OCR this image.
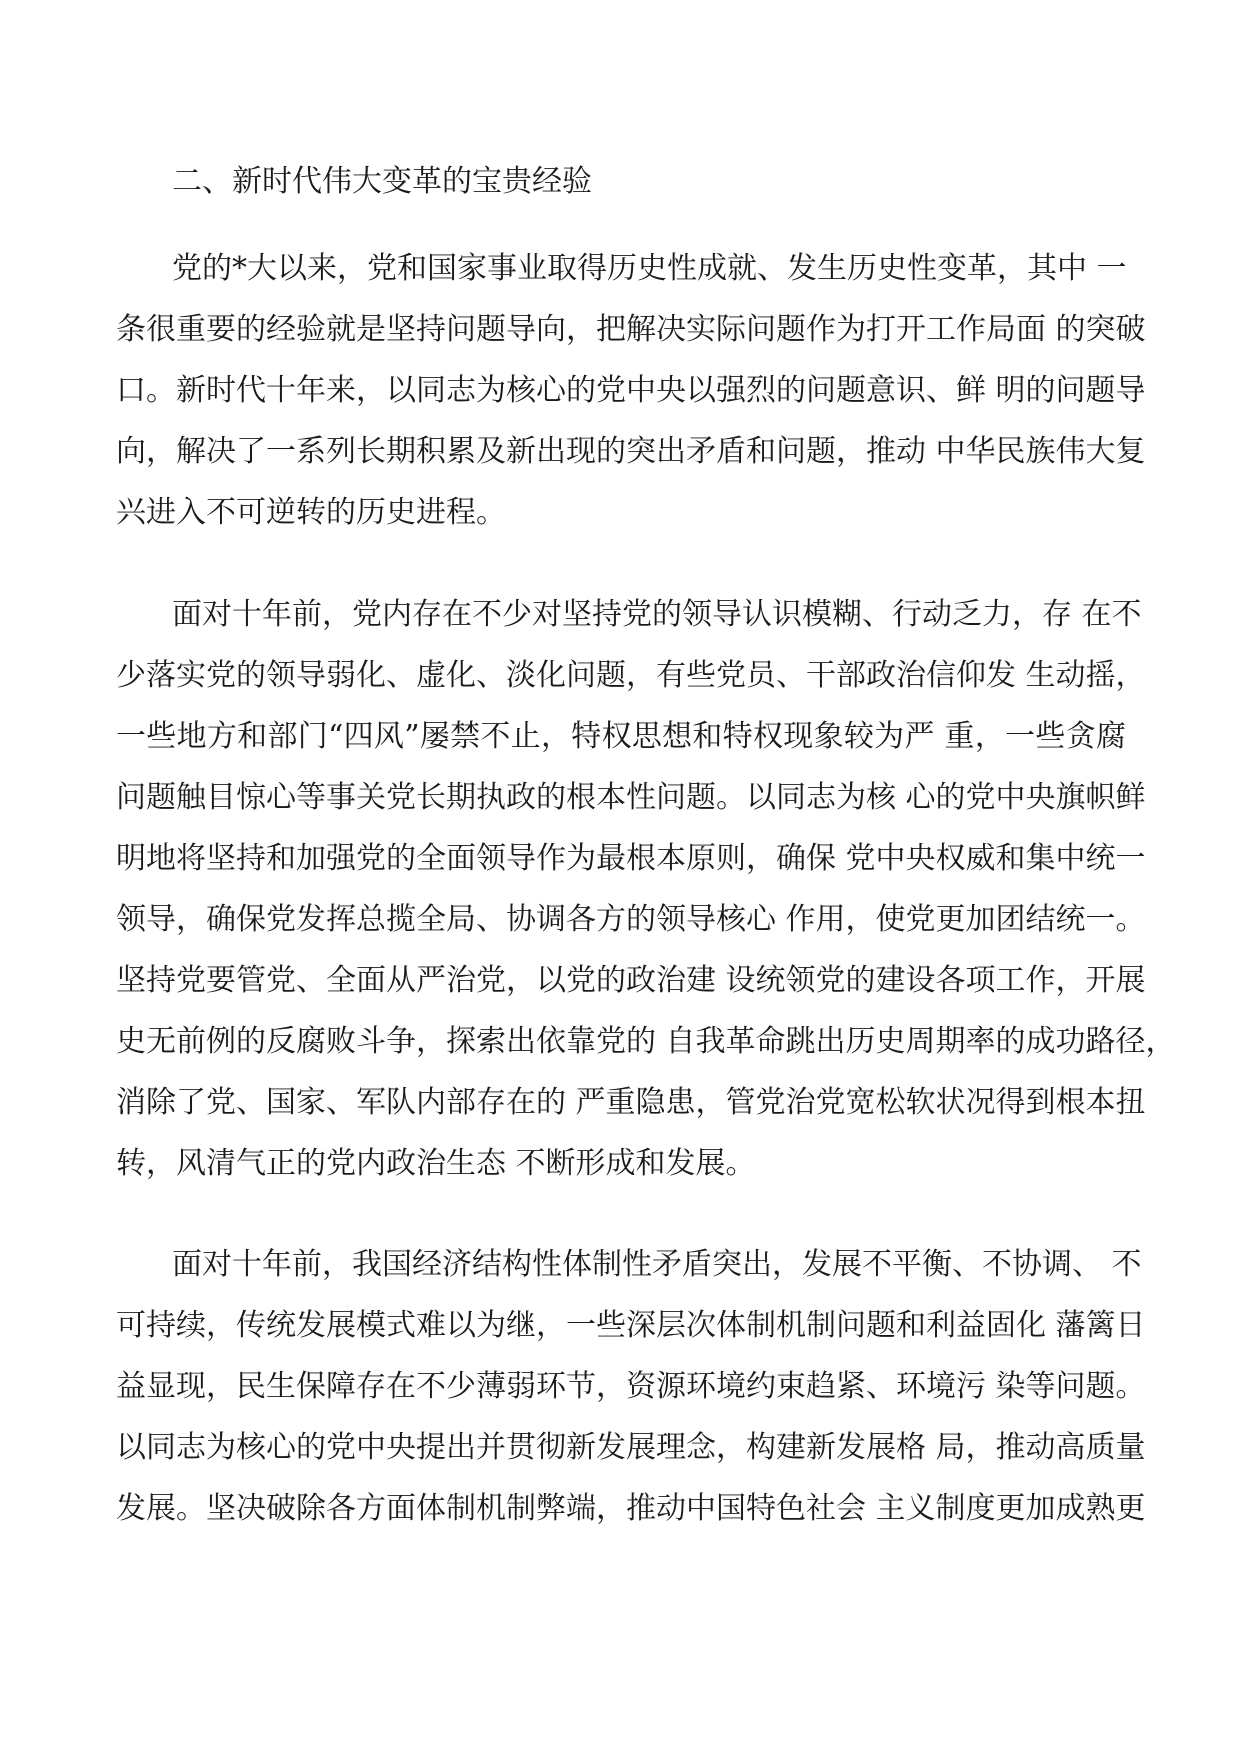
二、新时代伟大变革的宝贵经验
党的*大以来，党和国家事业取得历史性成就、发生历史性变革，其中 一
条很重要的经验就是坚持问题导向，把解决实际问题作为打开工作局面 的突破
口。新时代十年来，以同志为核心的党中央以强烈的问题意识、鲜 明的问题导
向，解决了一系列长期积累及新出现的突出矛盾和问题，推动 中华民族伟大复
兴进入不可逆转的历史进程。
面对十年前，党内存在不少对坚持党的领导认识模糊、行动乏力，存 在不
少落实党的领导弱化、虚化、淡化问题，有些党员、干部政治信仰发 生动摇，
一些地方和部门“四风”屡禁不止，特权思想和特权现象较为严 重，一些贪腐
问题触目惊心等事关党长期执政的根本性问题。以同志为核 心的党中央旗帜鲜
明地将坚持和加强党的全面领导作为最根本原则，确保 党中央权威和集中统一
领导，确保党发挥总揽全局、协调各方的领导核心 作用，使党更加团结统一。
坚持党要管党、全面从严治党，以党的政治建 设统领党的建设各项工作，开展
史无前例的反腐败斗争，探索出依靠党的 自我革命跳出历史周期率的成功路径，
消除了党、国家、军队内部存在的 严重隐患，管党治党宽松软状况得到根本扭
转，风清气正的党内政治生态 不断形成和发展。
面对十年前，我国经济结构性体制性矛盾突出，发展不平衡、不协调、 不
可持续，传统发展模式难以为继，一些深层次体制机制问题和利益固化 藩篱日
益显现，民生保障存在不少薄弱环节，资源环境约束趋紧、环境污 染等问题。
以同志为核心的党中央提出并贯彻新发展理念，构建新发展格 局，推动高质量
发展。坚决破除各方面体制机制弊端，推动中国特色社会 主义制度更加成熟更
